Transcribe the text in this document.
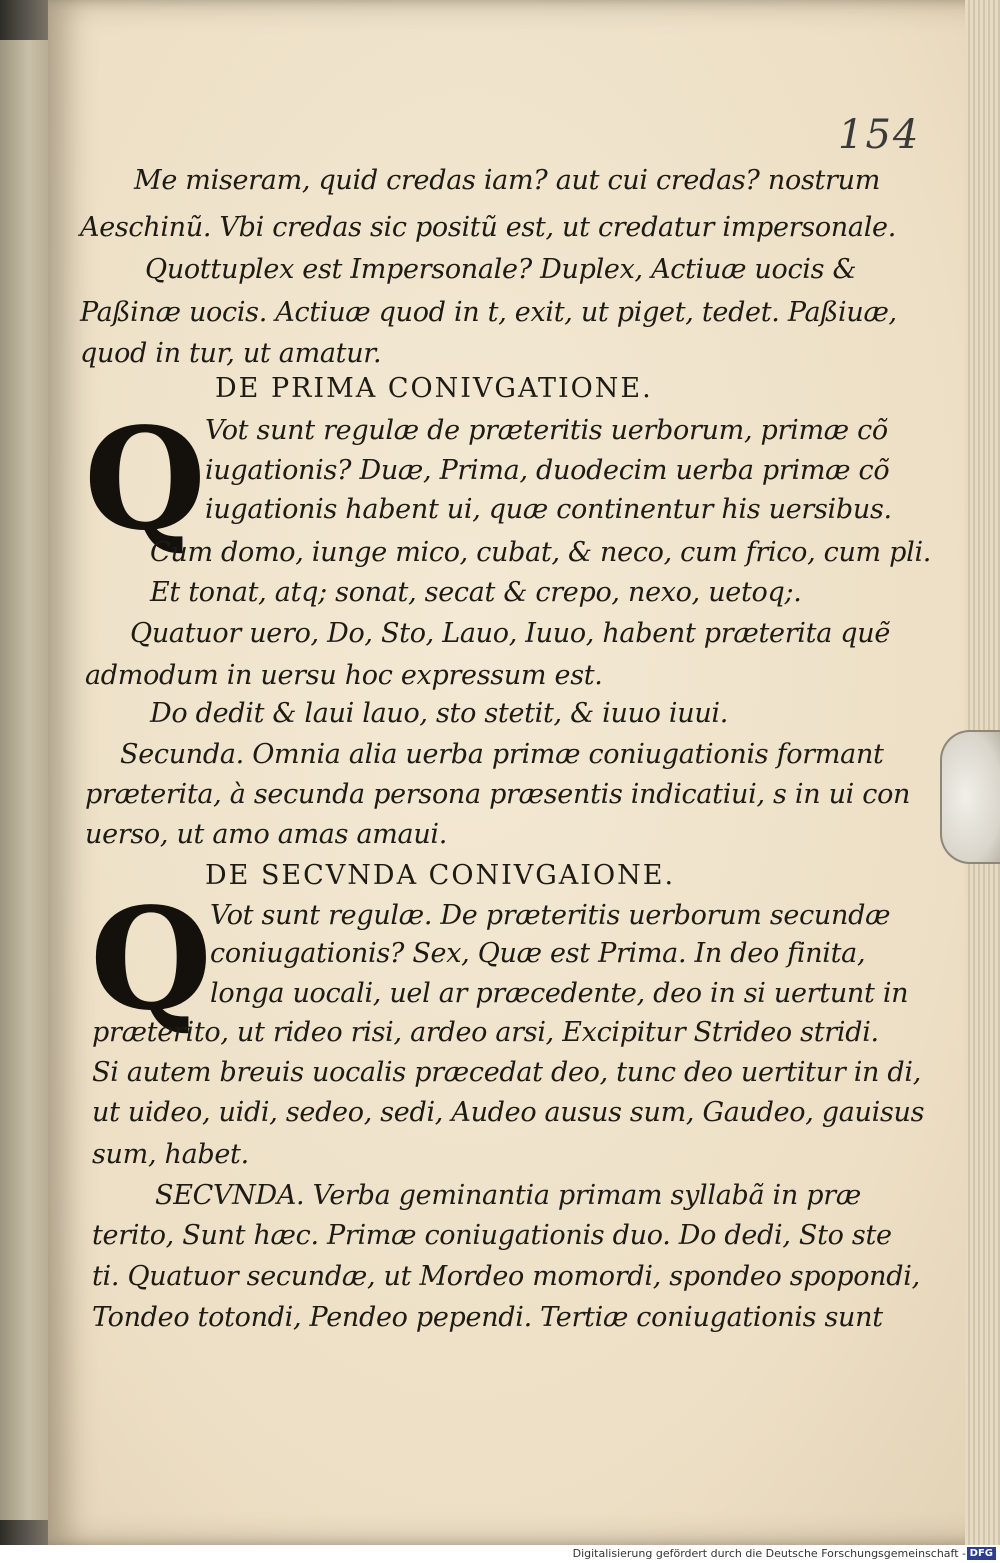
154
Me miseram, quid credas iam? aut cui credas? nostrum
Aeschinũ. Vbi credas sic positũ est, ut credatur impersonale.
Quottuplex est Impersonale? Duplex, Actiuæ uocis &
Paßinæ uocis. Actiuæ quod in t, exit, ut piget, tedet. Paßiuæ,
quod in tur, ut amatur.
DE PRIMA CONIVGATIONE.
Q Vot sunt regulæ de præteritis uerborum, primæ cõ
iugationis? Duæ, Prima, duodecim uerba primæ cõ
iugationis habent ui, quæ continentur his uersibus.
Cum domo, iunge mico, cubat, & neco, cum frico, cum pli.
Et tonat, atq; sonat, secat & crepo, nexo, uetoq;.
Quatuor uero, Do, Sto, Lauo, Iuuo, habent præterita quẽ
admodum in uersu hoc expressum est.
Do dedit & laui lauo, sto stetit, & iuuo iuui.
Secunda. Omnia alia uerba primæ coniugationis formant
præterita, à secunda persona præsentis indicatiui, s in ui con
uerso, ut amo amas amaui.
DE SECVNDA CONIVGAIONE.
Q
Vot sunt regulæ. De præteritis uerborum secundæ
coniugationis? Sex, Quæ est Prima. In deo finita,
longa uocali, uel ar præcedente, deo in si uertunt in
præterito, ut rideo risi, ardeo arsi, Excipitur Strideo stridi.
Si autem breuis uocalis præcedat deo, tunc deo uertitur in di,
ut uideo, uidi, sedeo, sedi, Audeo ausus sum, Gaudeo, gauisus
sum, habet.
SECVNDA. Verba geminantia primam syllabã in præ
terito, Sunt hæc. Primæ coniugationis duo. Do dedi, Sto ste
ti. Quatuor secundæ, ut Mordeo momordi, spondeo spopondi,
Tondeo totondi, Pendeo pependi. Tertiæ coniugationis sunt
Digitalisierung gefördert durch die Deutsche Forschungsgemeinschaft - DFG
